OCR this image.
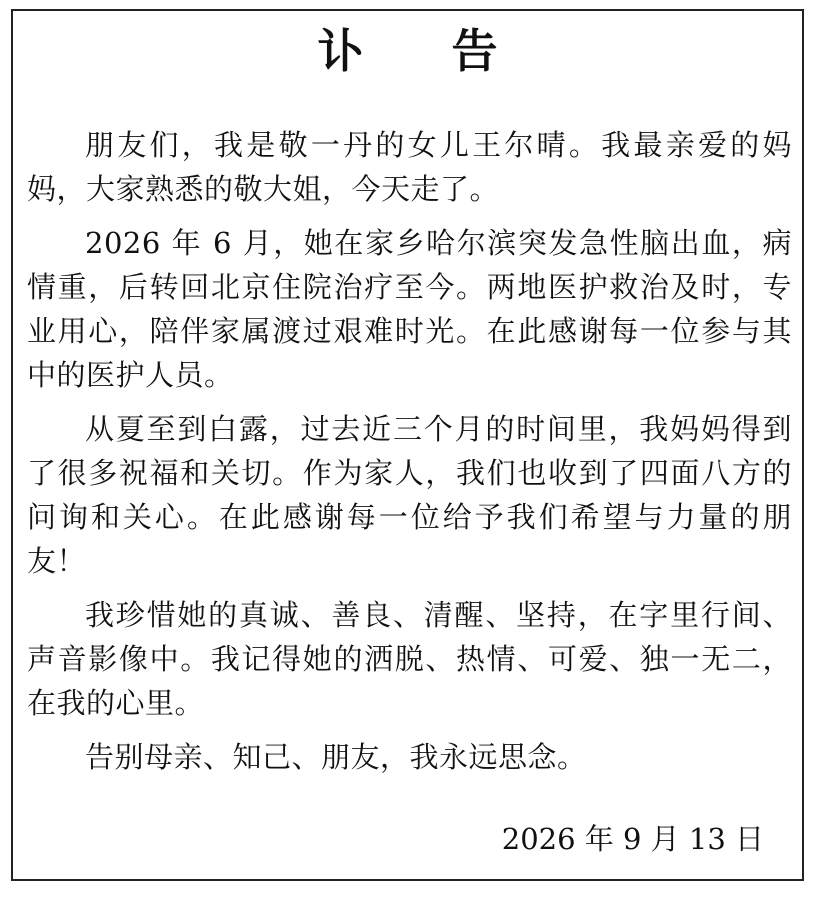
讣 告

朋友们，我是敬一丹的女儿王尔晴。我最亲爱的妈妈，大家熟悉的敬大姐，今天走了。

2026 年 6 月，她在家乡哈尔滨突发急性脑出血，病情重，后转回北京住院治疗至今。两地医护救治及时，专业用心，陪伴家属渡过艰难时光。在此感谢每一位参与其中的医护人员。

从夏至到白露，过去近三个月的时间里，我妈妈得到了很多祝福和关切。作为家人，我们也收到了四面八方的问询和关心。在此感谢每一位给予我们希望与力量的朋友！

我珍惜她的真诚、善良、清醒、坚持，在字里行间、声音影像中。我记得她的洒脱、热情、可爱、独一无二，在我的心里。

告别母亲、知己、朋友，我永远思念。

2026 年 9 月 13 日
